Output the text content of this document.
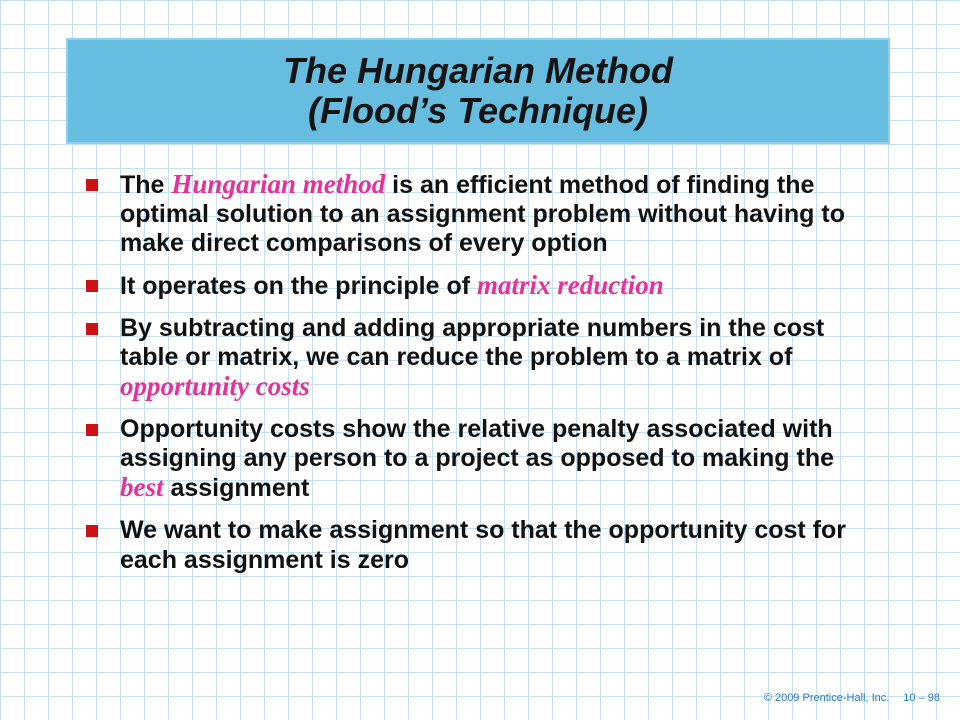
The Hungarian Method
(Flood’s Technique)
The Hungarian method is an efficient method of finding the optimal solution to an assignment problem without having to make direct comparisons of every option
It operates on the principle of matrix reduction
By subtracting and adding appropriate numbers in the cost table or matrix, we can reduce the problem to a matrix of opportunity costs
Opportunity costs show the relative penalty associated with assigning any person to a project as opposed to making the best assignment
We want to make assignment so that the opportunity cost for each assignment is zero
© 2009 Prentice-Hall, Inc. 10 – 98
